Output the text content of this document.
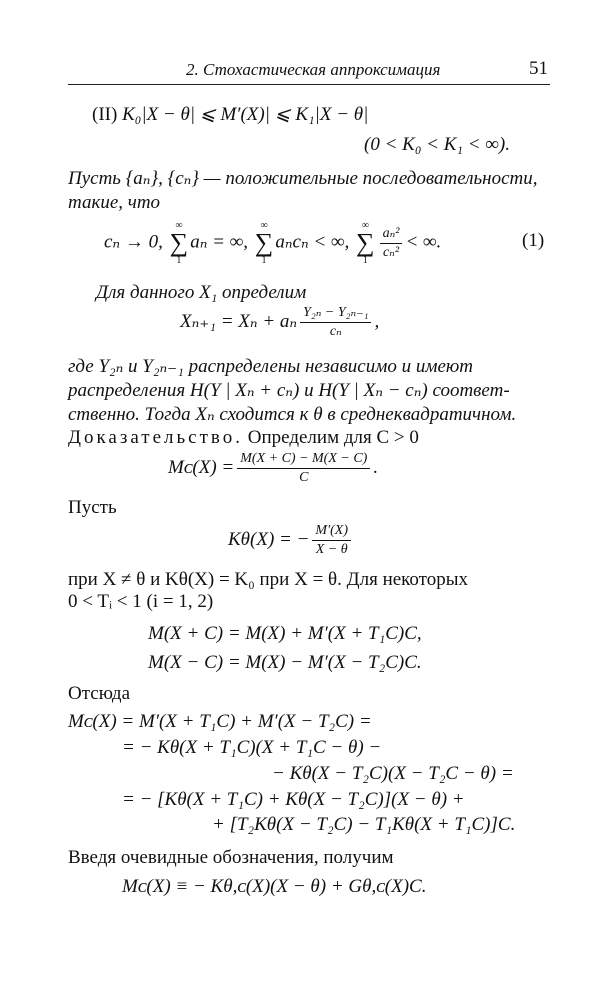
2. Стохастическая аппроксимация	51
(II) K₀|X − θ| ⩽ M′(X)| ⩽ K₁|X − θ|
(0 < K₀ < K₁ < ∞).
Пусть {aₙ}, {cₙ} — положительные последовательности,
такие, что
cₙ → 0,
∞
∑
1
aₙ = ∞,
∞
∑
1
aₙcₙ < ∞,
∞
∑
$1 \frac{\text{aₙ²}}{\text{cₙ²}}$ < ∞.	(1)
Для данного X₁ определим
Xₙ₊₁ = Xₙ + aₙ $\frac{\text{Y₂ₙ − Y₂ₙ₋₁}}{\text{cₙ}}$ ,
где Y₂ₙ и Y₂ₙ₋₁ распределены независимо и имеют
распределения H(Y | Xₙ + cₙ) и H(Y | Xₙ − cₙ) соответ-
ственно. Тогда Xₙ сходится к θ в среднеквадратичном.
Доказательство. Определим для C > 0
Mᴄ(X) = $\frac{M(X + C) - M(X - C)}{C}$ .
Пусть
Kθ(X) = − $\frac{M'(X)}{X - \theta}$
при X ≠ θ и Kθ(X) = K₀ при X = θ. Для некоторых
0 < Tᵢ < 1 (i = 1, 2)
M(X + C) = M(X) + M′(X + T₁C)C,
M(X − C) = M(X) − M′(X − T₂C)C.
Отсюда
Mᴄ(X) = M′(X + T₁C) + M′(X − T₂C) =
= − Kθ(X + T₁C)(X + T₁C − θ) −
− Kθ(X − T₂C)(X − T₂C − θ) =
= − [Kθ(X + T₁C) + Kθ(X − T₂C)](X − θ) +
+ [T₂Kθ(X − T₂C) − T₁Kθ(X + T₁C)]C.
Введя очевидные обозначения, получим
Mᴄ(X) ≡ − Kθ,ᴄ(X)(X − θ) + Gθ,ᴄ(X)C.
